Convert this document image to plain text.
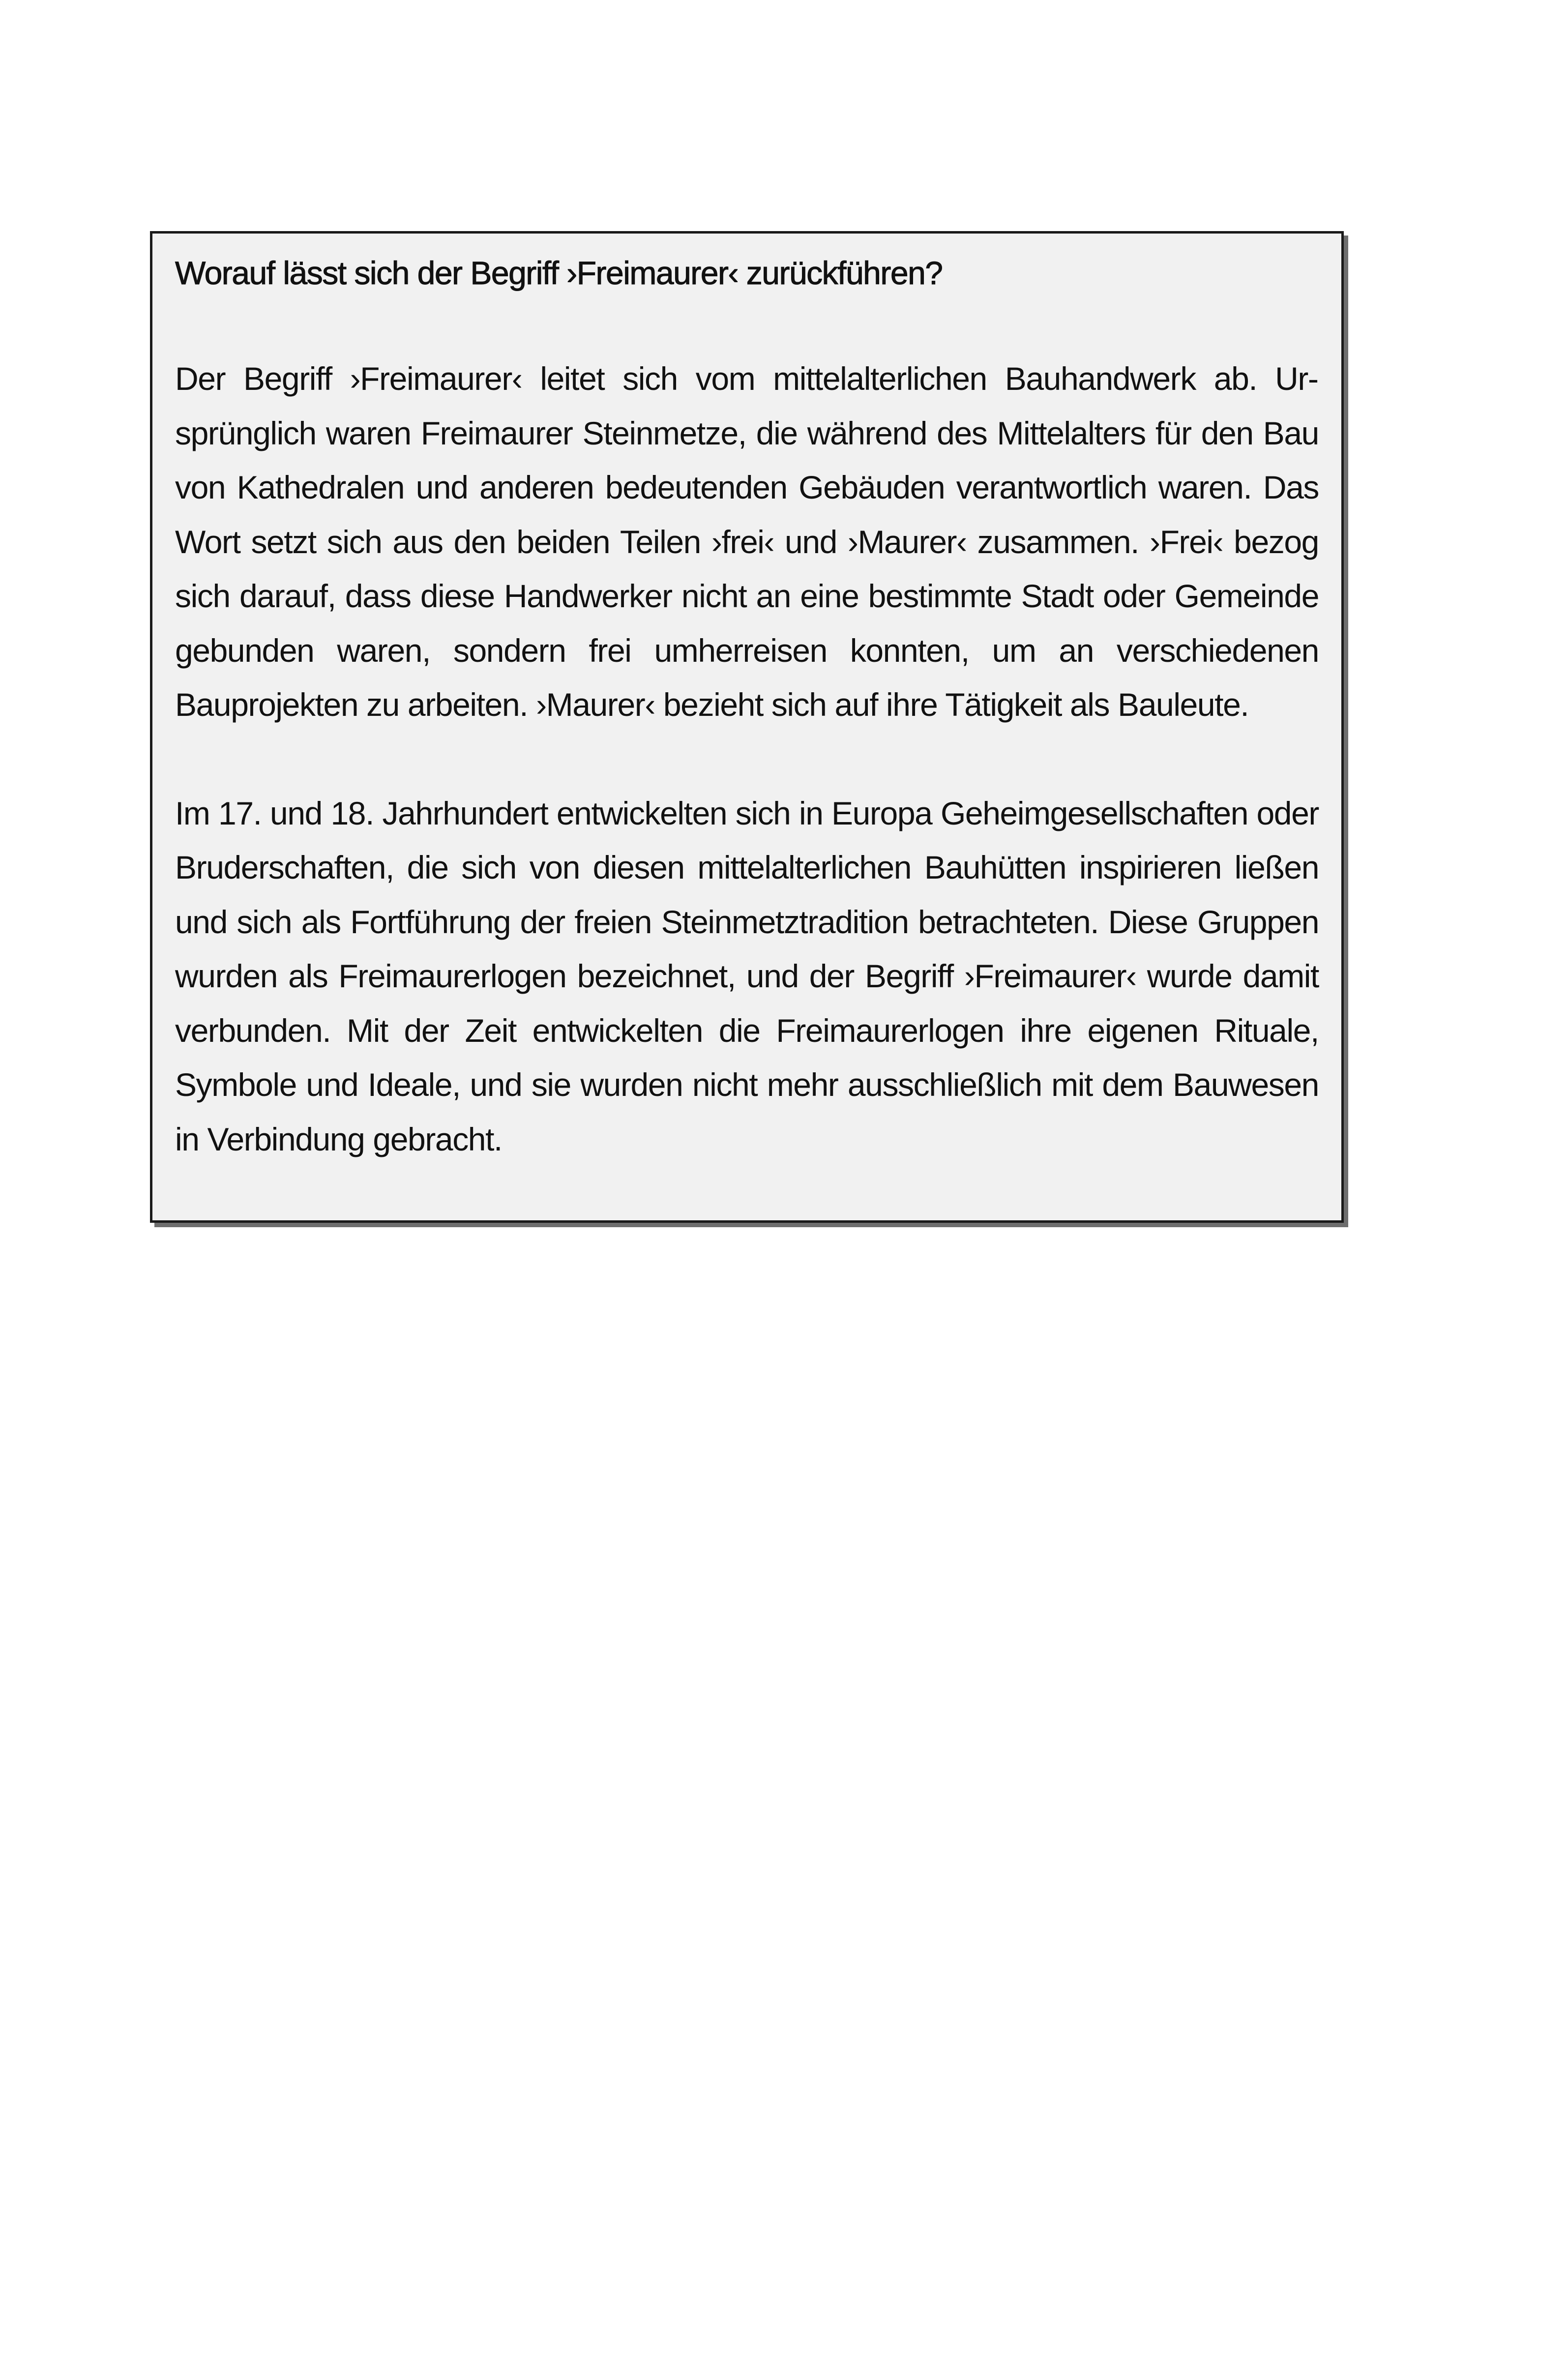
Worauf lässt sich der Begriff ›Freimaurer‹ zurückführen?

Der Begriff ›Freimaurer‹ leitet sich vom mittelalterlichen Bauhandwerk ab. Ursprünglich waren Freimaurer Steinmetze, die während des Mittelalters für den Bau von Kathedralen und anderen bedeutenden Gebäuden verantwortlich waren. Das Wort setzt sich aus den beiden Teilen ›frei‹ und ›Maurer‹ zusammen. ›Frei‹ bezog sich darauf, dass diese Handwerker nicht an eine bestimmte Stadt oder Gemeinde gebunden waren, sondern frei umherreisen konnten, um an verschiedenen Bauprojekten zu arbeiten. ›Maurer‹ bezieht sich auf ihre Tätigkeit als Bauleute.

Im 17. und 18. Jahrhundert entwickelten sich in Europa Geheimgesellschaften oder Bruderschaften, die sich von diesen mittelalterlichen Bauhütten inspirieren ließen und sich als Fortführung der freien Steinmetztradition betrachteten. Diese Gruppen wurden als Freimaurerlogen bezeichnet, und der Begriff ›Freimaurer‹ wurde damit verbunden. Mit der Zeit entwickelten die Freimaurerlogen ihre eigenen Rituale, Symbole und Ideale, und sie wurden nicht mehr ausschließlich mit dem Bauwesen in Verbindung gebracht.
